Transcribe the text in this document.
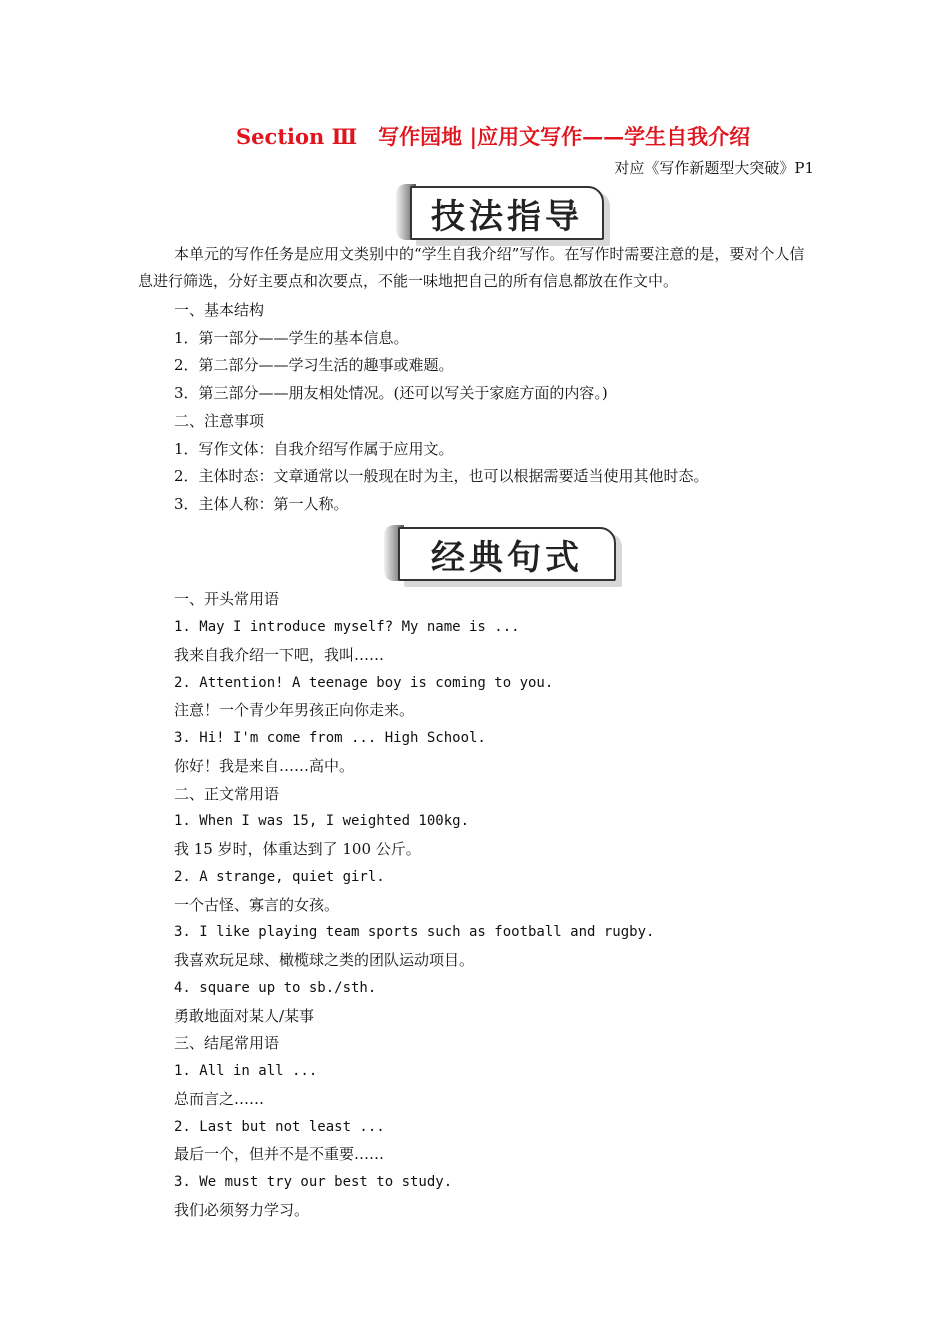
Section Ⅲ　写作园地 |应用文写作——学生自我介绍
对应《写作新题型大突破》P1
技法指导
本单元的写作任务是应用文类别中的“学生自我介绍”写作。在写作时需要注意的是，要对个人信息进行筛选，分好主要点和次要点，不能一味地把自己的所有信息都放在作文中。
一、基本结构
1．第一部分——学生的基本信息。
2．第二部分——学习生活的趣事或难题。
3．第三部分——朋友相处情况。(还可以写关于家庭方面的内容。)
二、注意事项
1．写作文体：自我介绍写作属于应用文。
2．主体时态：文章通常以一般现在时为主，也可以根据需要适当使用其他时态。
3．主体人称：第一人称。
经典句式
一、开头常用语
1. May I introduce myself? My name is ...
我来自我介绍一下吧，我叫……
2. Attention! A teenage boy is coming to you.
注意！一个青少年男孩正向你走来。
3. Hi! I'm come from ... High School.
你好！我是来自……高中。
二、正文常用语
1. When I was 15, I weighted 100kg.
我 15 岁时，体重达到了 100 公斤。
2. A strange, quiet girl.
一个古怪、寡言的女孩。
3. I like playing team sports such as football and rugby.
我喜欢玩足球、橄榄球之类的团队运动项目。
4. square up to sb./sth.
勇敢地面对某人/某事
三、结尾常用语
1. All in all ...
总而言之……
2. Last but not least ...
最后一个，但并不是不重要……
3. We must try our best to study.
我们必须努力学习。
